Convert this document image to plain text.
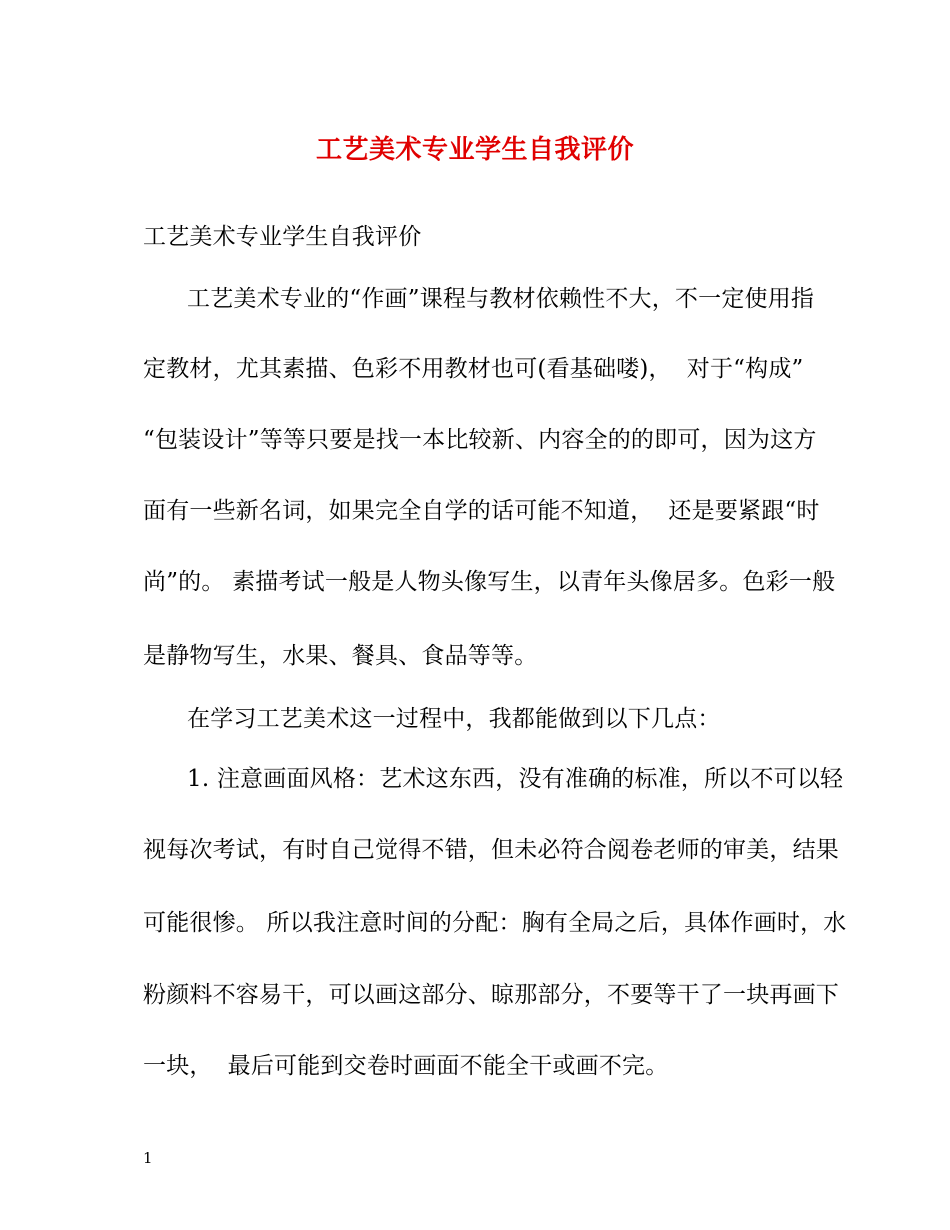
工艺美术专业学生自我评价
工艺美术专业学生自我评价
工艺美术专业的“作画”课程与教材依赖性不大，不一定使用指
定教材，尤其素描、色彩不用教材也可(看基础喽)，  对于“构成”
“包装设计”等等只要是找一本比较新、内容全的的即可，因为这方
面有一些新名词，如果完全自学的话可能不知道，  还是要紧跟“时
尚”的。 素描考试一般是人物头像写生，以青年头像居多。色彩一般
是静物写生，水果、餐具、食品等等。
在学习工艺美术这一过程中，我都能做到以下几点：
1. 注意画面风格：艺术这东西，没有准确的标准，所以不可以轻
视每次考试，有时自己觉得不错，但未必符合阅卷老师的审美，结果
可能很惨。 所以我注意时间的分配：胸有全局之后，具体作画时，水
粉颜料不容易干，可以画这部分、晾那部分，不要等干了一块再画下
一块，  最后可能到交卷时画面不能全干或画不完。
1
